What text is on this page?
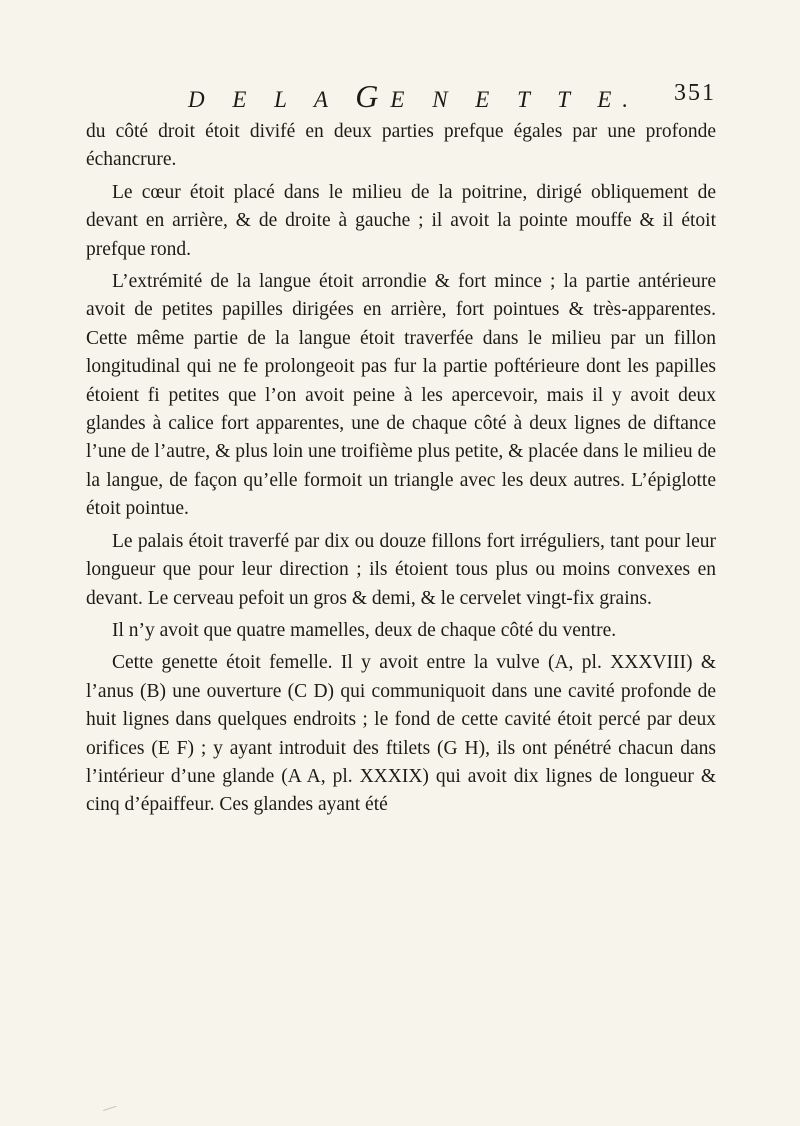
D E L A GE N E T T E. 351

du côté droit étoit divifé en deux parties prefque égales par une profonde échancrure.

Le cœur étoit placé dans le milieu de la poitrine, dirigé obliquement de devant en arrière, & de droite à gauche ; il avoit la pointe mouffe & il étoit prefque rond.

L’extrémité de la langue étoit arrondie & fort mince ; la partie antérieure avoit de petites papilles dirigées en arrière, fort pointues & très-apparentes. Cette même partie de la langue étoit traverfée dans le milieu par un fillon longitudinal qui ne fe prolongeoit pas fur la partie poftérieure dont les papilles étoient fi petites que l’on avoit peine à les apercevoir, mais il y avoit deux glandes à calice fort apparentes, une de chaque côté à deux lignes de diftance l’une de l’autre, & plus loin une troifième plus petite, & placée dans le milieu de la langue, de façon qu’elle formoit un triangle avec les deux autres. L’épiglotte étoit pointue.

Le palais étoit traverfé par dix ou douze fillons fort irréguliers, tant pour leur longueur que pour leur direction ; ils étoient tous plus ou moins convexes en devant. Le cerveau pefoit un gros & demi, & le cervelet vingt-fix grains.

Il n’y avoit que quatre mamelles, deux de chaque côté du ventre.

Cette genette étoit femelle. Il y avoit entre la vulve (A, pl. XXXVIII) & l’anus (B) une ouverture (C D) qui communiquoit dans une cavité profonde de huit lignes dans quelques endroits ; le fond de cette cavité étoit percé par deux orifices (E F) ; y ayant introduit des ftilets (G H), ils ont pénétré chacun dans l’intérieur d’une glande (A A, pl. XXXIX) qui avoit dix lignes de longueur & cinq d’épaiffeur. Ces glandes ayant été
